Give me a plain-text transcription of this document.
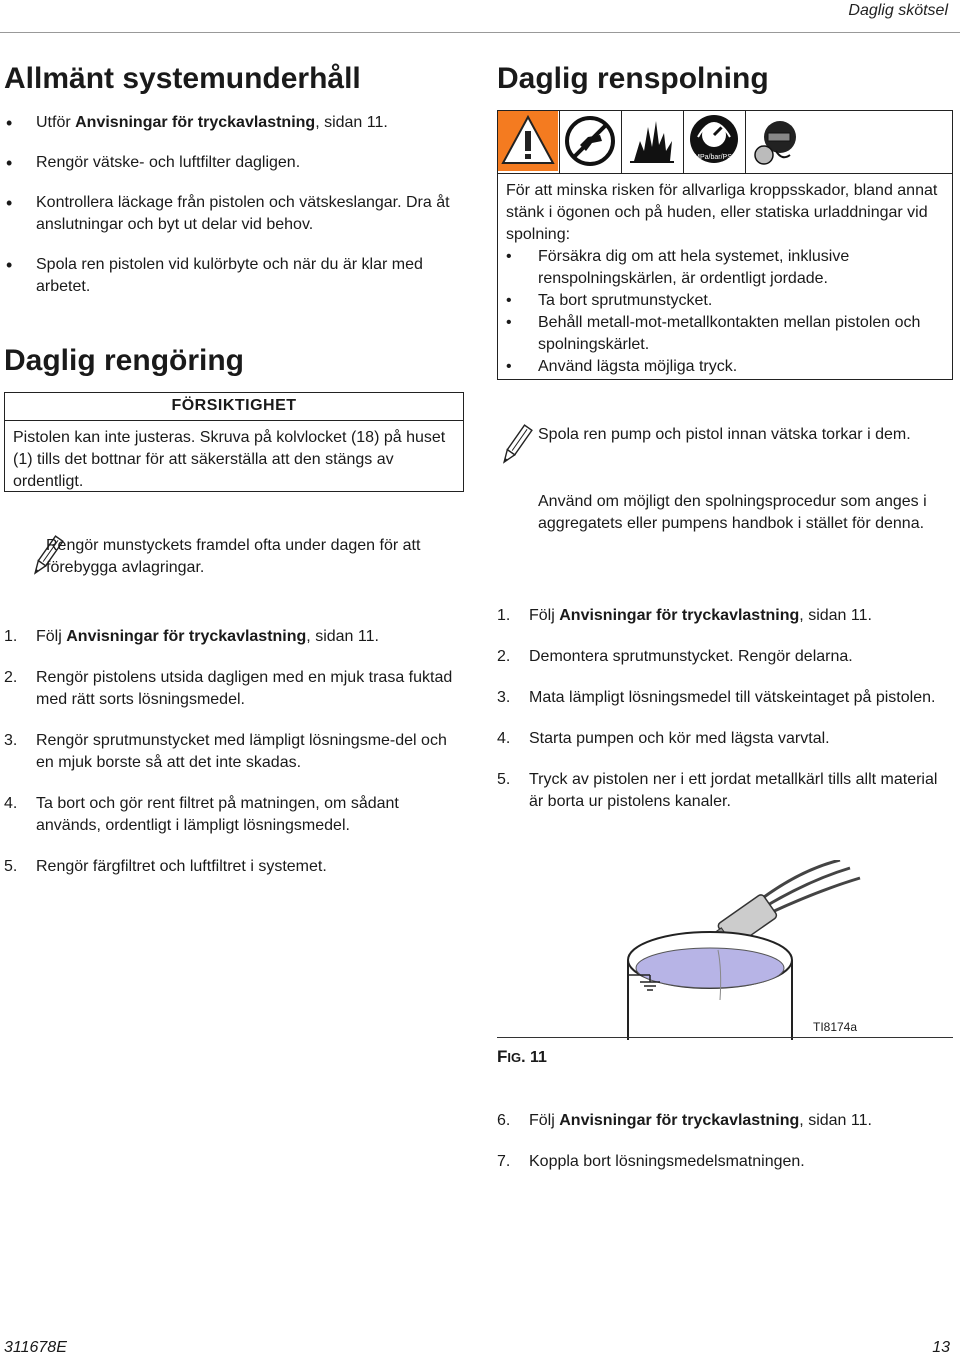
Daglig skötsel
Allmänt systemunderhåll
• Utför Anvisningar för tryckavlastning, sidan 11.
• Rengör vätske- och luftfilter dagligen.
• Kontrollera läckage från pistolen och vätskeslangar. Dra åt anslutningar och byt ut delar vid behov.
• Spola ren pistolen vid kulörbyte och när du är klar med arbetet.
Daglig rengöring
FÖRSIKTIGHET
Pistolen kan inte justeras. Skruva på kolvlocket (18) på huset (1) tills det bottnar för att säkerställa att den stängs av ordentligt.
Rengör munstyckets framdel ofta under dagen för att förebygga avlagringar.
1. Följ Anvisningar för tryckavlastning, sidan 11.
2. Rengör pistolens utsida dagligen med en mjuk trasa fuktad med rätt sorts lösningsmedel.
3. Rengör sprutmunstycket med lämpligt lösningsme-del och en mjuk borste så att det inte skadas.
4. Ta bort och gör rent filtret på matningen, om sådant används, ordentligt i lämpligt lösningsmedel.
5. Rengör färgfiltret och luftfiltret i systemet.
Daglig renspolning
MPa/bar/PSI
För att minska risken för allvarliga kroppsskador, bland annat stänk i ögonen och på huden, eller statiska urladdningar vid spolning:
• Försäkra dig om att hela systemet, inklusive renspolningskärlen, är ordentligt jordade.
• Ta bort sprutmunstycket.
• Behåll metall-mot-metallkontakten mellan pistolen och spolningskärlet.
• Använd lägsta möjliga tryck.
Spola ren pump och pistol innan vätska torkar i dem.
Använd om möjligt den spolningsprocedur som anges i aggregatets eller pumpens handbok i stället för denna.
1. Följ Anvisningar för tryckavlastning, sidan 11.
2. Demontera sprutmunstycket. Rengör delarna.
3. Mata lämpligt lösningsmedel till vätskeintaget på pistolen.
4. Starta pumpen och kör med lägsta varvtal.
5. Tryck av pistolen ner i ett jordat metallkärl tills allt material är borta ur pistolens kanaler.
TI8174a
FIG. 11
6. Följ Anvisningar för tryckavlastning, sidan 11.
7. Koppla bort lösningsmedelsmatningen.
311678E	13
